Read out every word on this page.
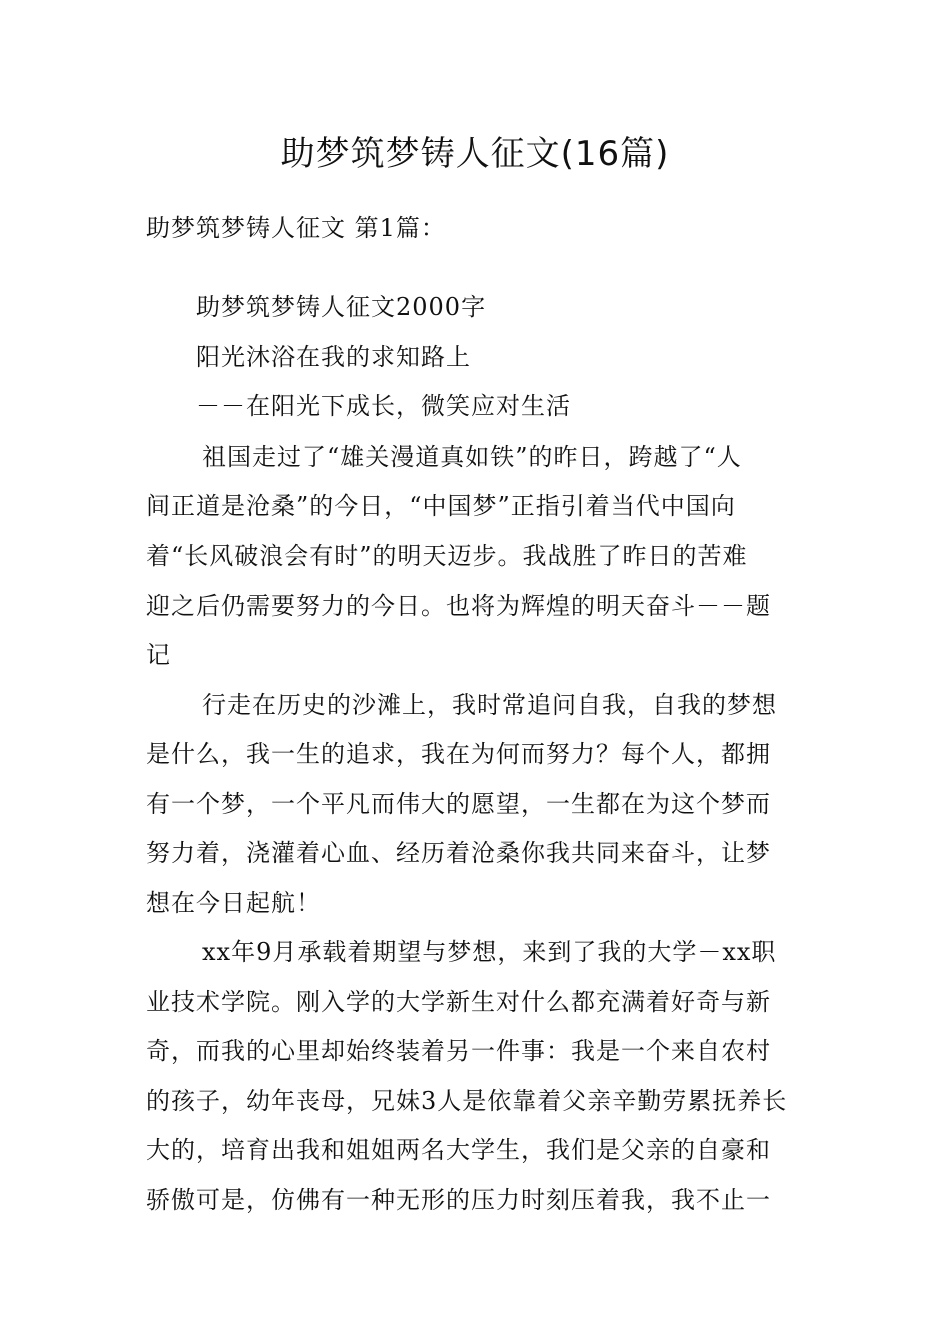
助梦筑梦铸人征文(16篇)
助梦筑梦铸人征文 第1篇：
助梦筑梦铸人征文2000字
阳光沐浴在我的求知路上
－－在阳光下成长，微笑应对生活
祖国走过了“雄关漫道真如铁”的昨日，跨越了“人
间正道是沧桑”的今日，“中国梦”正指引着当代中国向
着“长风破浪会有时”的明天迈步。我战胜了昨日的苦难
迎之后仍需要努力的今日。也将为辉煌的明天奋斗－－题
记
行走在历史的沙滩上，我时常追问自我，自我的梦想
是什么，我一生的追求，我在为何而努力？每个人，都拥
有一个梦，一个平凡而伟大的愿望，一生都在为这个梦而
努力着，浇灌着心血、经历着沧桑你我共同来奋斗，让梦
想在今日起航！
xx年9月承载着期望与梦想，来到了我的大学－xx职
业技术学院。刚入学的大学新生对什么都充满着好奇与新
奇，而我的心里却始终装着另一件事：我是一个来自农村
的孩子，幼年丧母，兄妹3人是依靠着父亲辛勤劳累抚养长
大的，培育出我和姐姐两名大学生，我们是父亲的自豪和
骄傲可是，仿佛有一种无形的压力时刻压着我，我不止一
